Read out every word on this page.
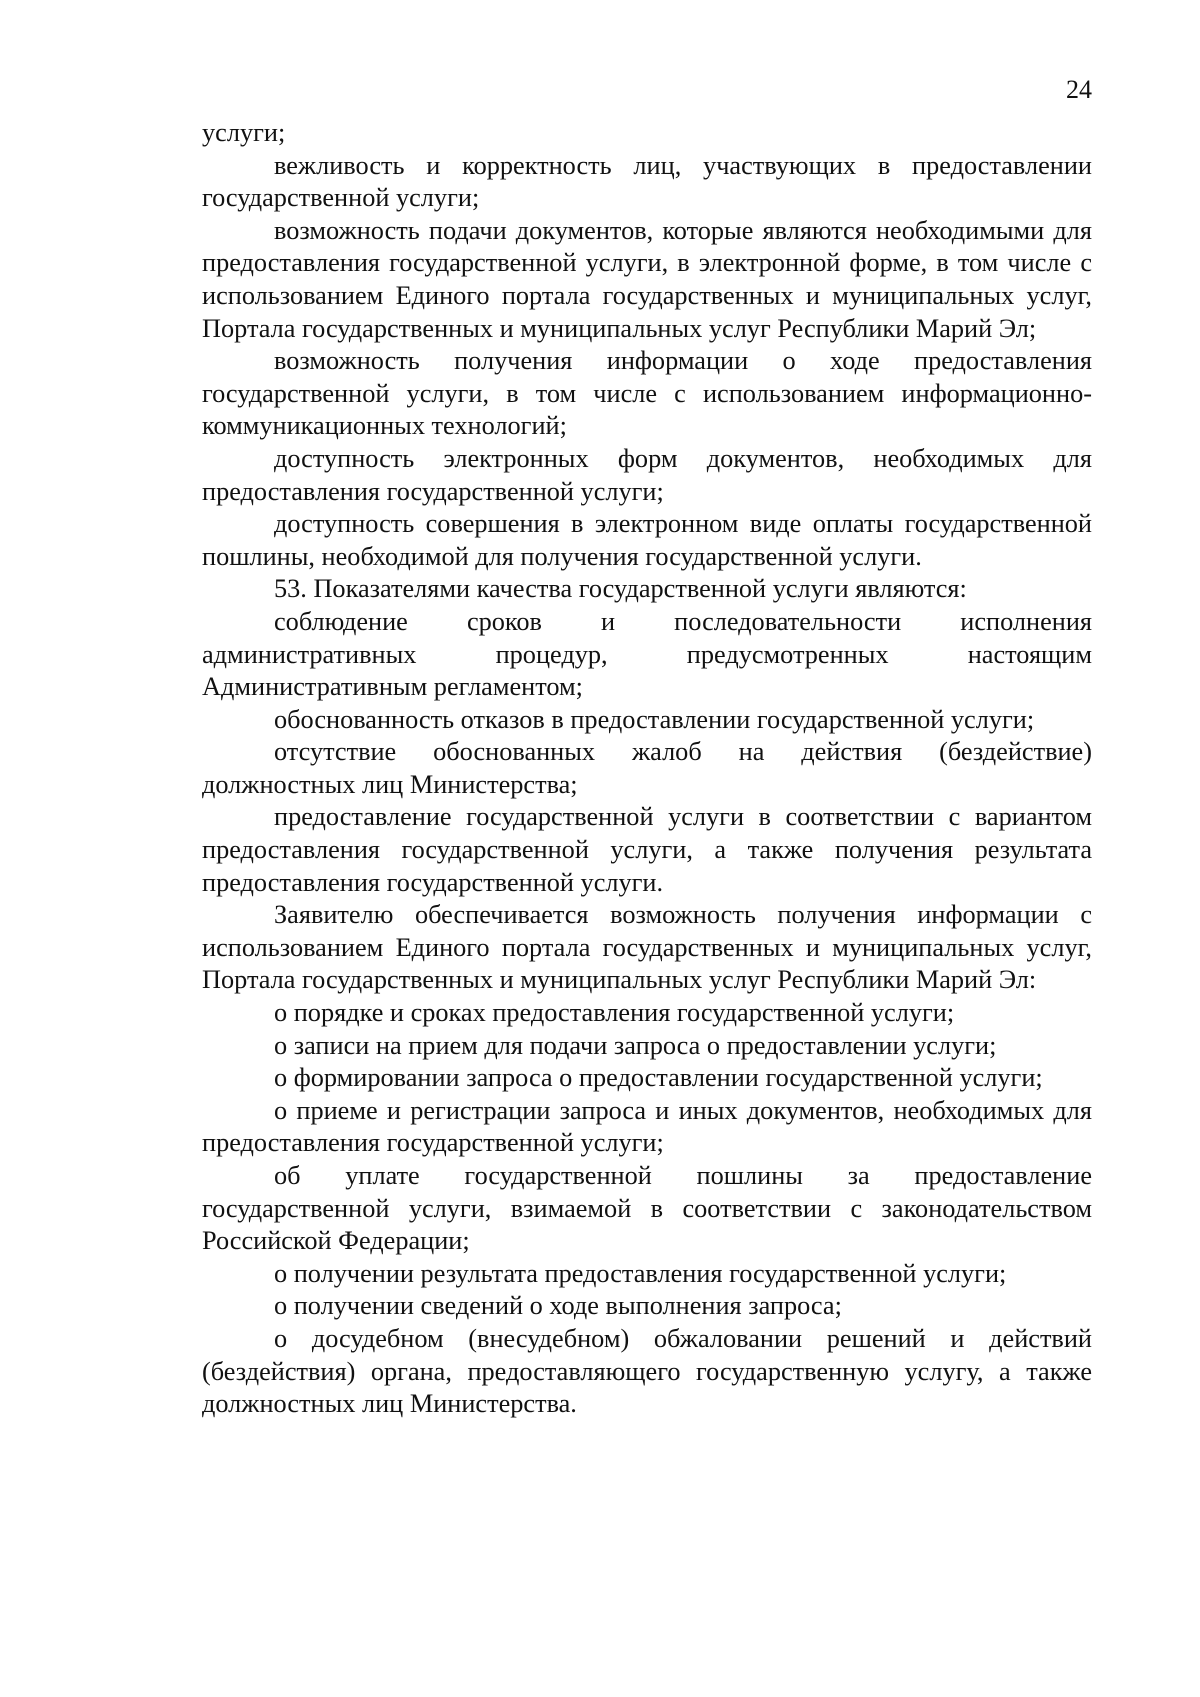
24

услуги;

вежливость и корректность лиц, участвующих в предоставлении государственной услуги;

возможность подачи документов, которые являются необходимыми для предоставления государственной услуги, в электронной форме, в том числе с использованием Единого портала государственных и муниципальных услуг, Портала государственных и муниципальных услуг Республики Марий Эл;

возможность получения информации о ходе предоставления государственной услуги, в том числе с использованием информационно-коммуникационных технологий;

доступность электронных форм документов, необходимых для предоставления государственной услуги;

доступность совершения в электронном виде оплаты государственной пошлины, необходимой для получения государственной услуги.

53. Показателями качества государственной услуги являются:

соблюдение сроков и последовательности исполнения административных процедур, предусмотренных настоящим Административным регламентом;

обоснованность отказов в предоставлении государственной услуги;

отсутствие обоснованных жалоб на действия (бездействие) должностных лиц Министерства;

предоставление государственной услуги в соответствии с вариантом предоставления государственной услуги, а также получения результата предоставления государственной услуги.

Заявителю обеспечивается возможность получения информации с использованием Единого портала государственных и муниципальных услуг, Портала государственных и муниципальных услуг Республики Марий Эл:

о порядке и сроках предоставления государственной услуги;

о записи на прием для подачи запроса о предоставлении услуги;

о формировании запроса о предоставлении государственной услуги;

о приеме и регистрации запроса и иных документов, необходимых для предоставления государственной услуги;

об уплате государственной пошлины за предоставление государственной услуги, взимаемой в соответствии с законодательством Российской Федерации;

о получении результата предоставления государственной услуги;

о получении сведений о ходе выполнения запроса;

о досудебном (внесудебном) обжаловании решений и действий (бездействия) органа, предоставляющего государственную услугу, а также должностных лиц Министерства.
